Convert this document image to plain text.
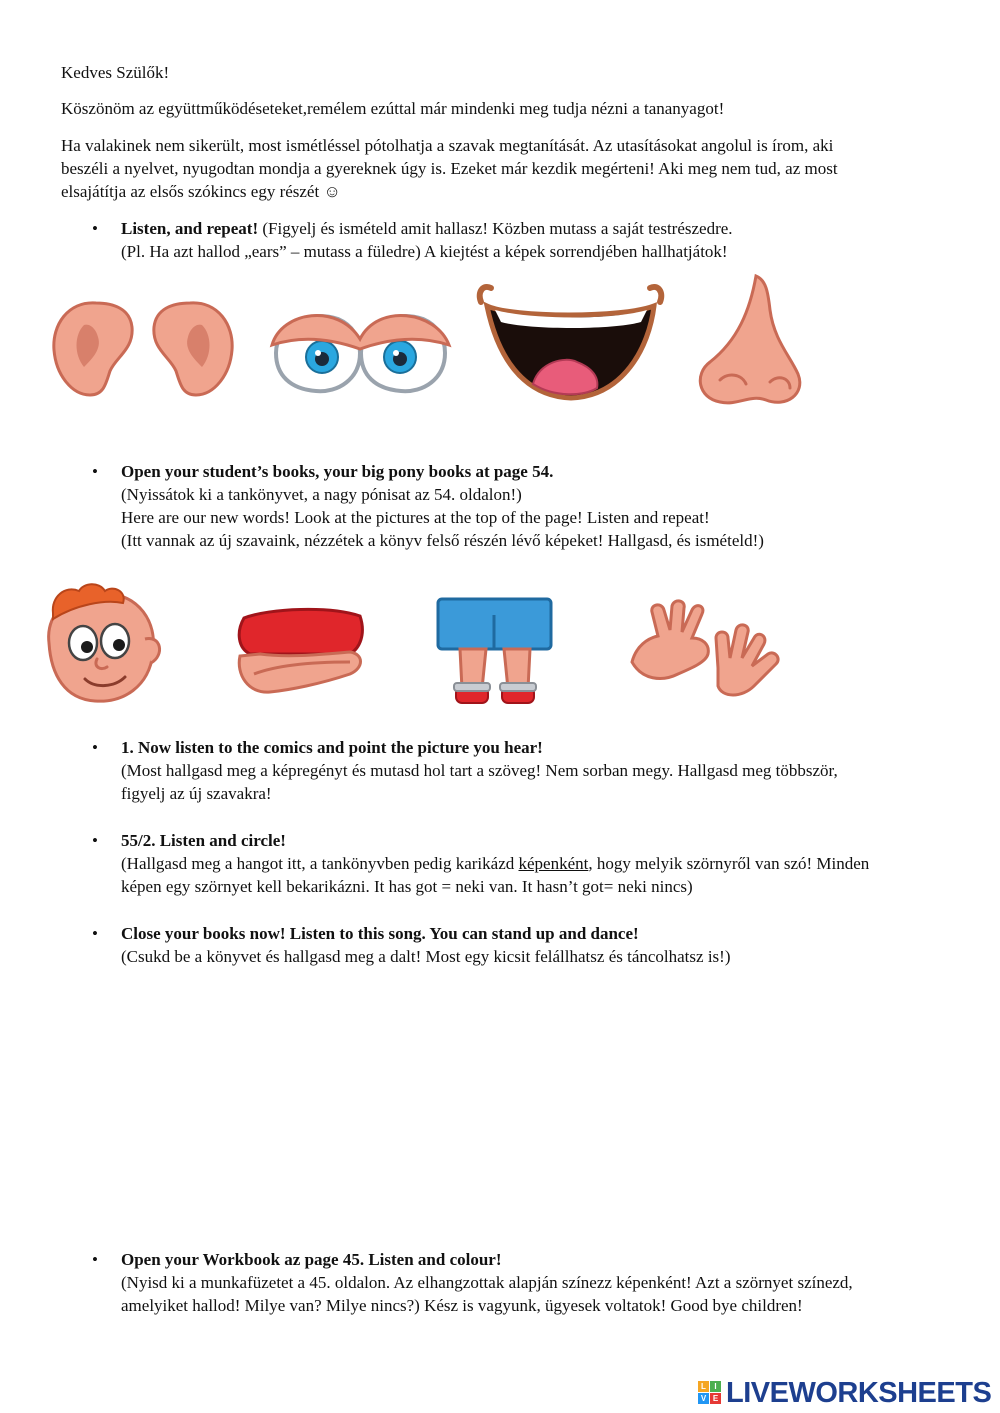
Kedves Szülők!

Köszönöm az együttműködéseteket,remélem ezúttal már mindenki meg tudja nézni a tananyagot!

Ha valakinek nem sikerült, most ismétléssel pótolhatja a szavak megtanítását. Az utasításokat angolul is írom, aki
beszéli a nyelvet, nyugodtan mondja a gyereknek úgy is. Ezeket már kezdik megérteni! Aki meg nem tud, az most
elsajátítja az elsős szókincs egy részét ☺
• Listen, and repeat! (Figyelj és ismételd amit hallasz! Közben mutass a saját testrészedre.
(Pl. Ha azt hallod „ears” – mutass a füledre) A kiejtést a képek sorrendjében hallhatjátok!
• Open your student’s books, your big pony books at page 54.
(Nyissátok ki a tankönyvet, a nagy pónisat az 54. oldalon!)
Here are our new words! Look at the pictures at the top of the page! Listen and repeat!
(Itt vannak az új szavaink, nézzétek a könyv felső részén lévő képeket! Hallgasd, és ismételd!)
• 1. Now listen to the comics and point the picture you hear!
(Most hallgasd meg a képregényt és mutasd hol tart a szöveg! Nem sorban megy. Hallgasd meg többször,
figyelj az új szavakra!
• 55/2. Listen and circle!
(Hallgasd meg a hangot itt, a tankönyvben pedig karikázd képenként, hogy melyik szörnyről van szó! Minden
képen egy szörnyet kell bekarikázni. It has got = neki van. It hasn’t got= neki nincs)
• Close your books now! Listen to this song. You can stand up and dance!
(Csukd be a könyvet és hallgasd meg a dalt! Most egy kicsit felállhatsz és táncolhatsz is!)
• Open your Workbook az page 45. Listen and colour!
(Nyisd ki a munkafüzetet a 45. oldalon. Az elhangzottak alapján színezz képenként! Azt a szörnyet színezd,
amelyiket hallod! Milye van? Milye nincs?) Kész is vagyunk, ügyesek voltatok! Good bye children!
L	I
V E LIVEWORKSHEETS
